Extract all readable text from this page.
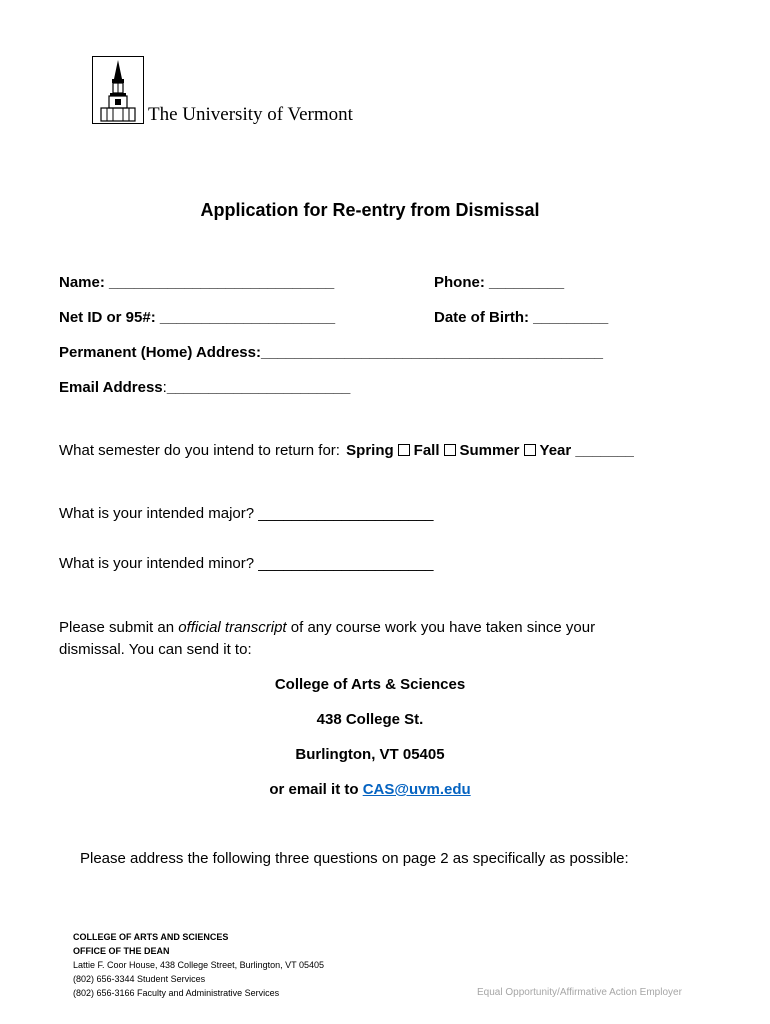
The University of Vermont
Application for Re-entry from Dismissal
Name: ___________________________	Phone: _________
Net ID or 95#: _____________________	Date of Birth: _________
Permanent (Home) Address:_________________________________________
Email Address:______________________
What semester do you intend to return for: Spring Fall Summer Year _______
What is your intended major? _____________________
What is your intended minor? _____________________
Please submit an official transcript of any course work you have taken since your
dismissal. You can send it to:
College of Arts & Sciences
438 College St.
Burlington, VT 05405
or email it to CAS@uvm.edu
Please address the following three questions on page 2 as specifically as possible:
COLLEGE OF ARTS AND SCIENCES
OFFICE OF THE DEAN
Lattie F. Coor House, 438 College Street, Burlington, VT 05405
(802) 656-3344 Student Services
(802) 656-3166 Faculty and Administrative Services	Equal Opportunity/Affirmative Action Employer
